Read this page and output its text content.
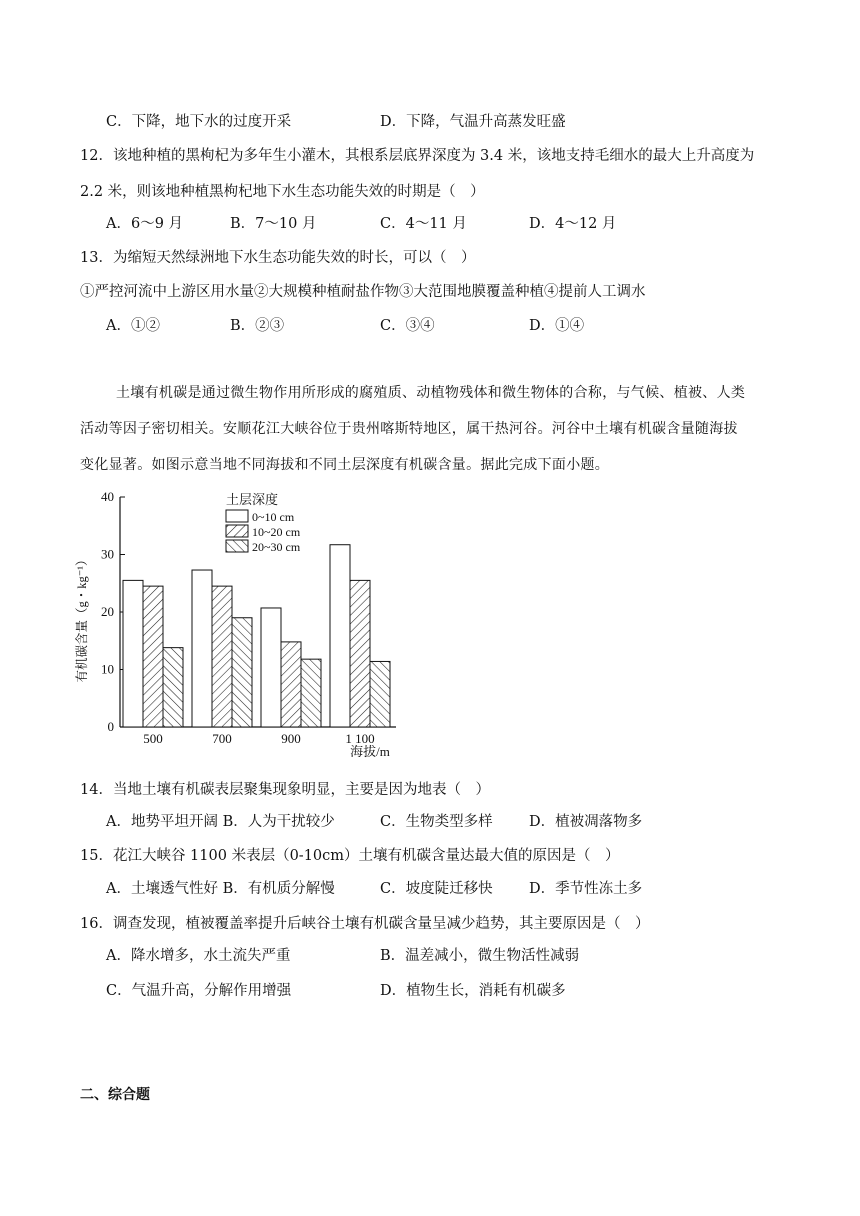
C．下降，地下水的过度开采	D．下降，气温升高蒸发旺盛
12．该地种植的黑枸杞为多年生小灌木，其根系层底界深度为 3.4 米，该地支持毛细水的最大上升高度为
2.2 米，则该地种植黑枸杞地下水生态功能失效的时期是（　）
A．6～9 月	B．7～10 月	C．4～11 月	D．4～12 月
13．为缩短天然绿洲地下水生态功能失效的时长，可以（　）
①严控河流中上游区用水量②大规模种植耐盐作物③大范围地膜覆盖种植④提前人工调水
A．①②	B．②③	C．③④	D．①④

土壤有机碳是通过微生物作用所形成的腐殖质、动植物残体和微生物体的合称，与气候、植被、人类

活动等因子密切相关。安顺花江大峡谷位于贵州喀斯特地区，属干热河谷。河谷中土壤有机碳含量随海拔

变化显著。如图示意当地不同海拔和不同土层深度有机碳含量。据此完成下面小题。

0
10
20
30
40
500	700	900	1 100
0~10 cm
10~20 cm
20~30 cm
有机碳含量（g・kg⁻¹）
海拔/m
土层深度
14．当地土壤有机碳表层聚集现象明显，主要是因为地表（　）
A．地势平坦开阔 B．人为干扰较少	C．生物类型多样	D．植被凋落物多
15．花江大峡谷 1100 米表层（0-10cm）土壤有机碳含量达最大值的原因是（　）
A．土壤透气性好 B．有机质分解慢	C．坡度陡迁移快	D．季节性冻土多
16．调查发现，植被覆盖率提升后峡谷土壤有机碳含量呈减少趋势，其主要原因是（　）
A．降水增多，水土流失严重	B．温差减小，微生物活性减弱
C．气温升高，分解作用增强	D．植物生长，消耗有机碳多
二、综合题
